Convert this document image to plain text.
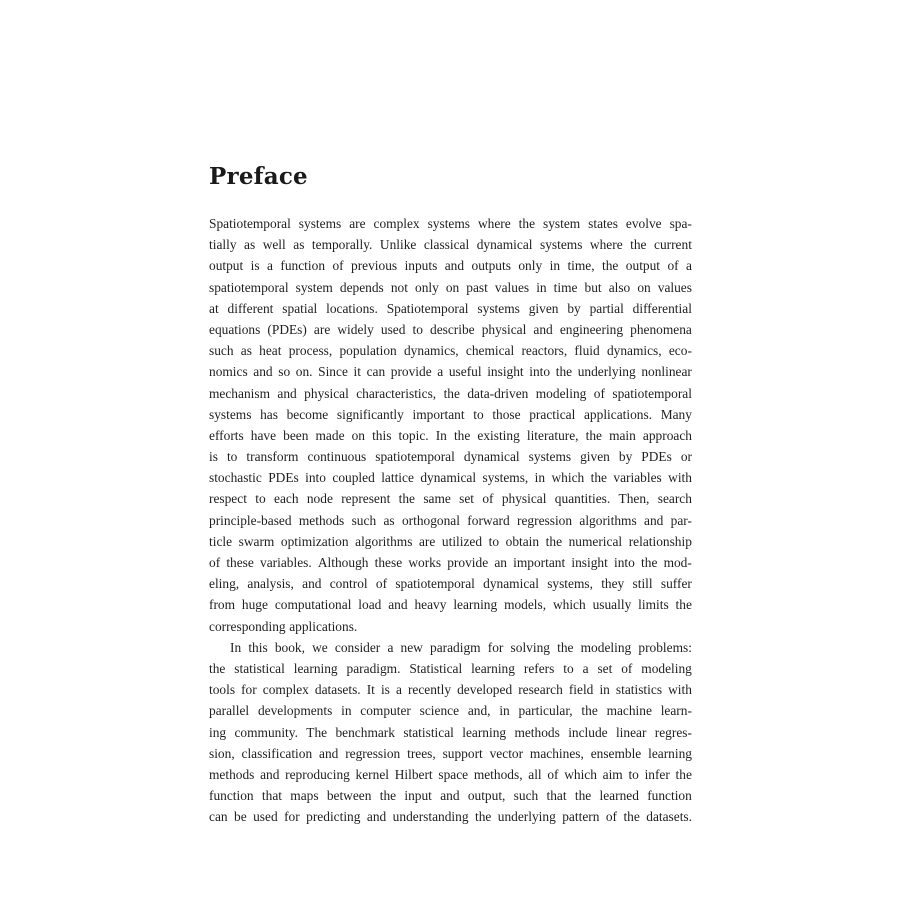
Preface
Spatiotemporal systems are complex systems where the system states evolve spa-
tially as well as temporally. Unlike classical dynamical systems where the current
output is a function of previous inputs and outputs only in time, the output of a
spatiotemporal system depends not only on past values in time but also on values
at different spatial locations. Spatiotemporal systems given by partial differential
equations (PDEs) are widely used to describe physical and engineering phenomena
such as heat process, population dynamics, chemical reactors, fluid dynamics, eco-
nomics and so on. Since it can provide a useful insight into the underlying nonlinear
mechanism and physical characteristics, the data-driven modeling of spatiotemporal
systems has become significantly important to those practical applications. Many
efforts have been made on this topic. In the existing literature, the main approach
is to transform continuous spatiotemporal dynamical systems given by PDEs or
stochastic PDEs into coupled lattice dynamical systems, in which the variables with
respect to each node represent the same set of physical quantities. Then, search
principle-based methods such as orthogonal forward regression algorithms and par-
ticle swarm optimization algorithms are utilized to obtain the numerical relationship
of these variables. Although these works provide an important insight into the mod-
eling, analysis, and control of spatiotemporal dynamical systems, they still suffer
from huge computational load and heavy learning models, which usually limits the
corresponding applications.
In this book, we consider a new paradigm for solving the modeling problems:
the statistical learning paradigm. Statistical learning refers to a set of modeling
tools for complex datasets. It is a recently developed research field in statistics with
parallel developments in computer science and, in particular, the machine learn-
ing community. The benchmark statistical learning methods include linear regres-
sion, classification and regression trees, support vector machines, ensemble learning
methods and reproducing kernel Hilbert space methods, all of which aim to infer the
function that maps between the input and output, such that the learned function
can be used for predicting and understanding the underlying pattern of the datasets.
